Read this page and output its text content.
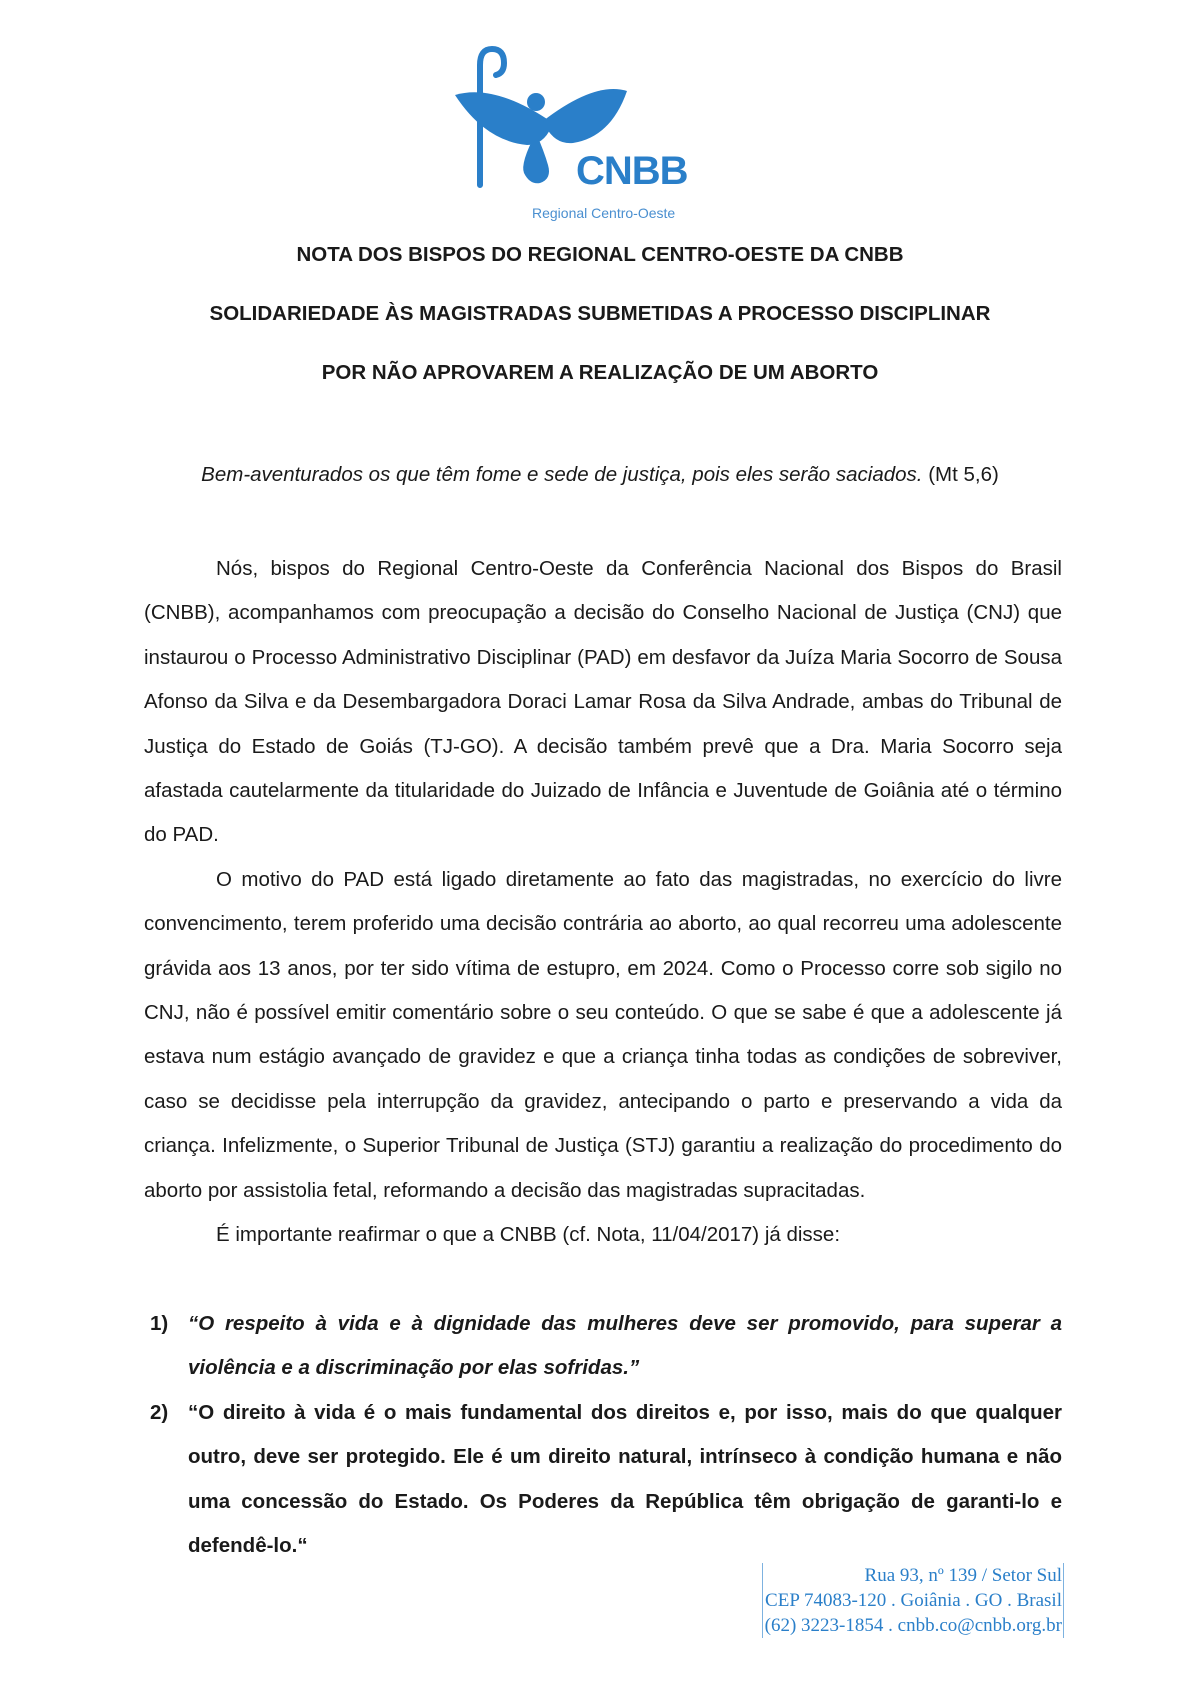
CNBB
Regional Centro-Oeste
NOTA DOS BISPOS DO REGIONAL CENTRO-OESTE DA CNBB
SOLIDARIEDADE ÀS MAGISTRADAS SUBMETIDAS A PROCESSO DISCIPLINAR
POR NÃO APROVAREM A REALIZAÇÃO DE UM ABORTO
Bem-aventurados os que têm fome e sede de justiça, pois eles serão saciados. (Mt 5,6)

Nós, bispos do Regional Centro-Oeste da Conferência Nacional dos Bispos do Brasil (CNBB), acompanhamos com preocupação a decisão do Conselho Nacional de Justiça (CNJ) que instaurou o Processo Administrativo Disciplinar (PAD) em desfavor da Juíza Maria Socorro de Sousa Afonso da Silva e da Desembargadora Doraci Lamar Rosa da Silva Andrade, ambas do Tribunal de Justiça do Estado de Goiás (TJ-GO). A decisão também prevê que a Dra. Maria Socorro seja afastada cautelarmente da titularidade do Juizado de Infância e Juventude de Goiânia até o término do PAD.

O motivo do PAD está ligado diretamente ao fato das magistradas, no exercício do livre convencimento, terem proferido uma decisão contrária ao aborto, ao qual recorreu uma adolescente grávida aos 13 anos, por ter sido vítima de estupro, em 2024. Como o Processo corre sob sigilo no CNJ, não é possível emitir comentário sobre o seu conteúdo. O que se sabe é que a adolescente já estava num estágio avançado de gravidez e que a criança tinha todas as condições de sobreviver, caso se decidisse pela interrupção da gravidez, antecipando o parto e preservando a vida da criança. Infelizmente, o Superior Tribunal de Justiça (STJ) garantiu a realização do procedimento do aborto por assistolia fetal, reformando a decisão das magistradas supracitadas.

É importante reafirmar o que a CNBB (cf. Nota, 11/04/2017) já disse:

1) “O respeito à vida e à dignidade das mulheres deve ser promovido, para superar a violência e a discriminação por elas sofridas.”
2) “O direito à vida é o mais fundamental dos direitos e, por isso, mais do que qualquer outro, deve ser protegido. Ele é um direito natural, intrínseco à condição humana e não uma concessão do Estado. Os Poderes da República têm obrigação de garanti-lo e defendê-lo.“
Rua 93, nº 139 / Setor Sul
CEP 74083-120 . Goiânia . GO . Brasil
(62) 3223-1854 . cnbb.co@cnbb.org.br
